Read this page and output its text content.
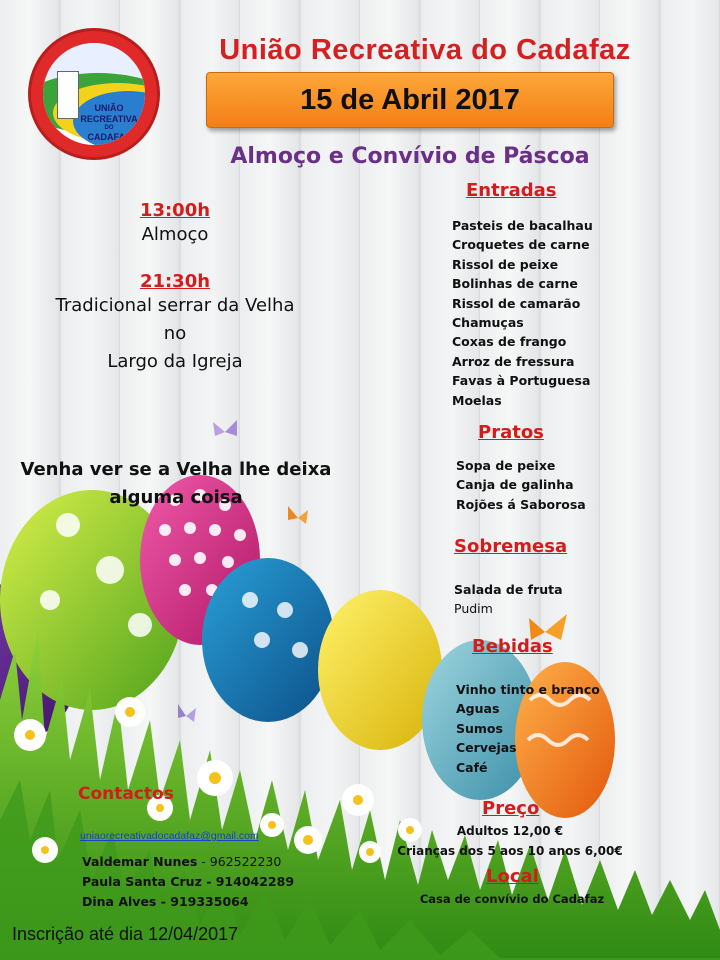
UNIÃO
RECREATIVA
DO
CADAFAZ
União Recreativa do Cadafaz
15 de Abril 2017
Almoço e Convívio de Páscoa
13:00h
Almoço
21:30h
Tradicional serrar da Velha
no
Largo da Igreja
Venha ver se a Velha lhe deixa
alguma coisa
Entradas
Pasteis de bacalhau
Croquetes de carne
Rissol de peixe
Bolinhas de carne
Rissol de camarão
Chamuças
Coxas de frango
Arroz de fressura
Favas à Portuguesa
Moelas
Pratos
Sopa de peixe
Canja de galinha
Rojões á Saborosa
Sobremesa
Salada de fruta
Pudim
Bebidas
Vinho tinto e branco
Aguas
Sumos
Cervejas
Café
Preço
Adultos 12,00 €
Crianças dos 5 aos 10 anos 6,00€
Local
Casa de convívio do Cadafaz
Contactos
uniaorecreativadocadafaz@gmail.com
Valdemar Nunes - 962522230
Paula Santa Cruz - 914042289
Dina Alves - 919335064
Inscrição até dia 12/04/2017
